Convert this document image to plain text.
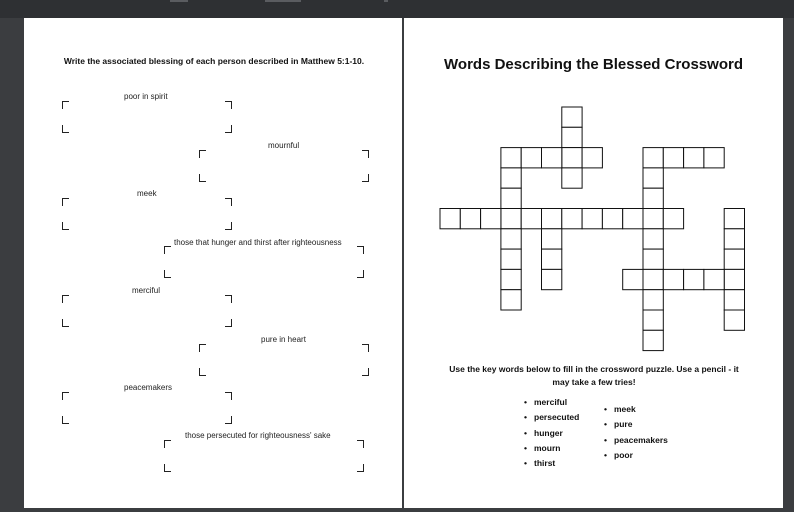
Write the associated blessing of each person described in Matthew 5:1-10.
poor in spirit
mournful
meek
those that hunger and thirst after righteousness
merciful
pure in heart
peacemakers
those persecuted for righteousness' sake
Words Describing the Blessed Crossword
Use the key words below to fill in the crossword puzzle. Use a pencil - it may take a few tries!
• merciful
• persecuted
• hunger
• mourn
• thirst
• meek
• pure
• peacemakers
• poor
